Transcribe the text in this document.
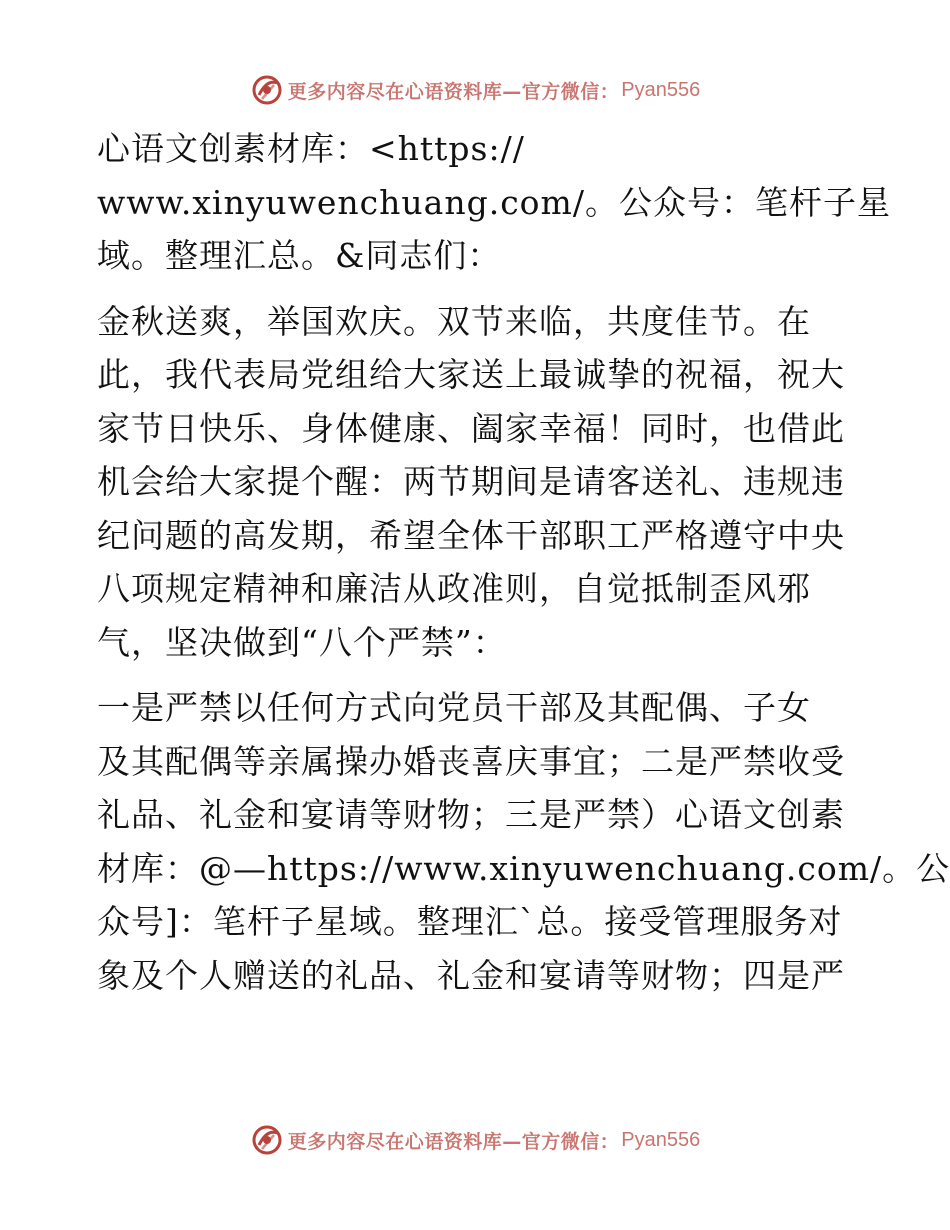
更多内容尽在心语资料库—官方微信： Pyan556

心语文创素材库：<https://
www.xinyuwenchuang.com/。公众号：笔杆子星
域。整理汇总。&同志们：

金秋送爽，举国欢庆。双节来临，共度佳节。在
此，我代表局党组给大家送上最诚挚的祝福，祝大
家节日快乐、身体健康、阖家幸福！同时，也借此
机会给大家提个醒：两节期间是请客送礼、违规违
纪问题的高发期，希望全体干部职工严格遵守中央
八项规定精神和廉洁从政准则，自觉抵制歪风邪
气，坚决做到“八个严禁”：

一是严禁以任何方式向党员干部及其配偶、子女
及其配偶等亲属操办婚丧喜庆事宜；二是严禁收受
礼品、礼金和宴请等财物；三是严禁）心语文创素
材库：@—https://www.xinyuwenchuang.com/。公
众号]：笔杆子星域。整理汇`总。接受管理服务对
象及个人赠送的礼品、礼金和宴请等财物；四是严

更多内容尽在心语资料库—官方微信： Pyan556
